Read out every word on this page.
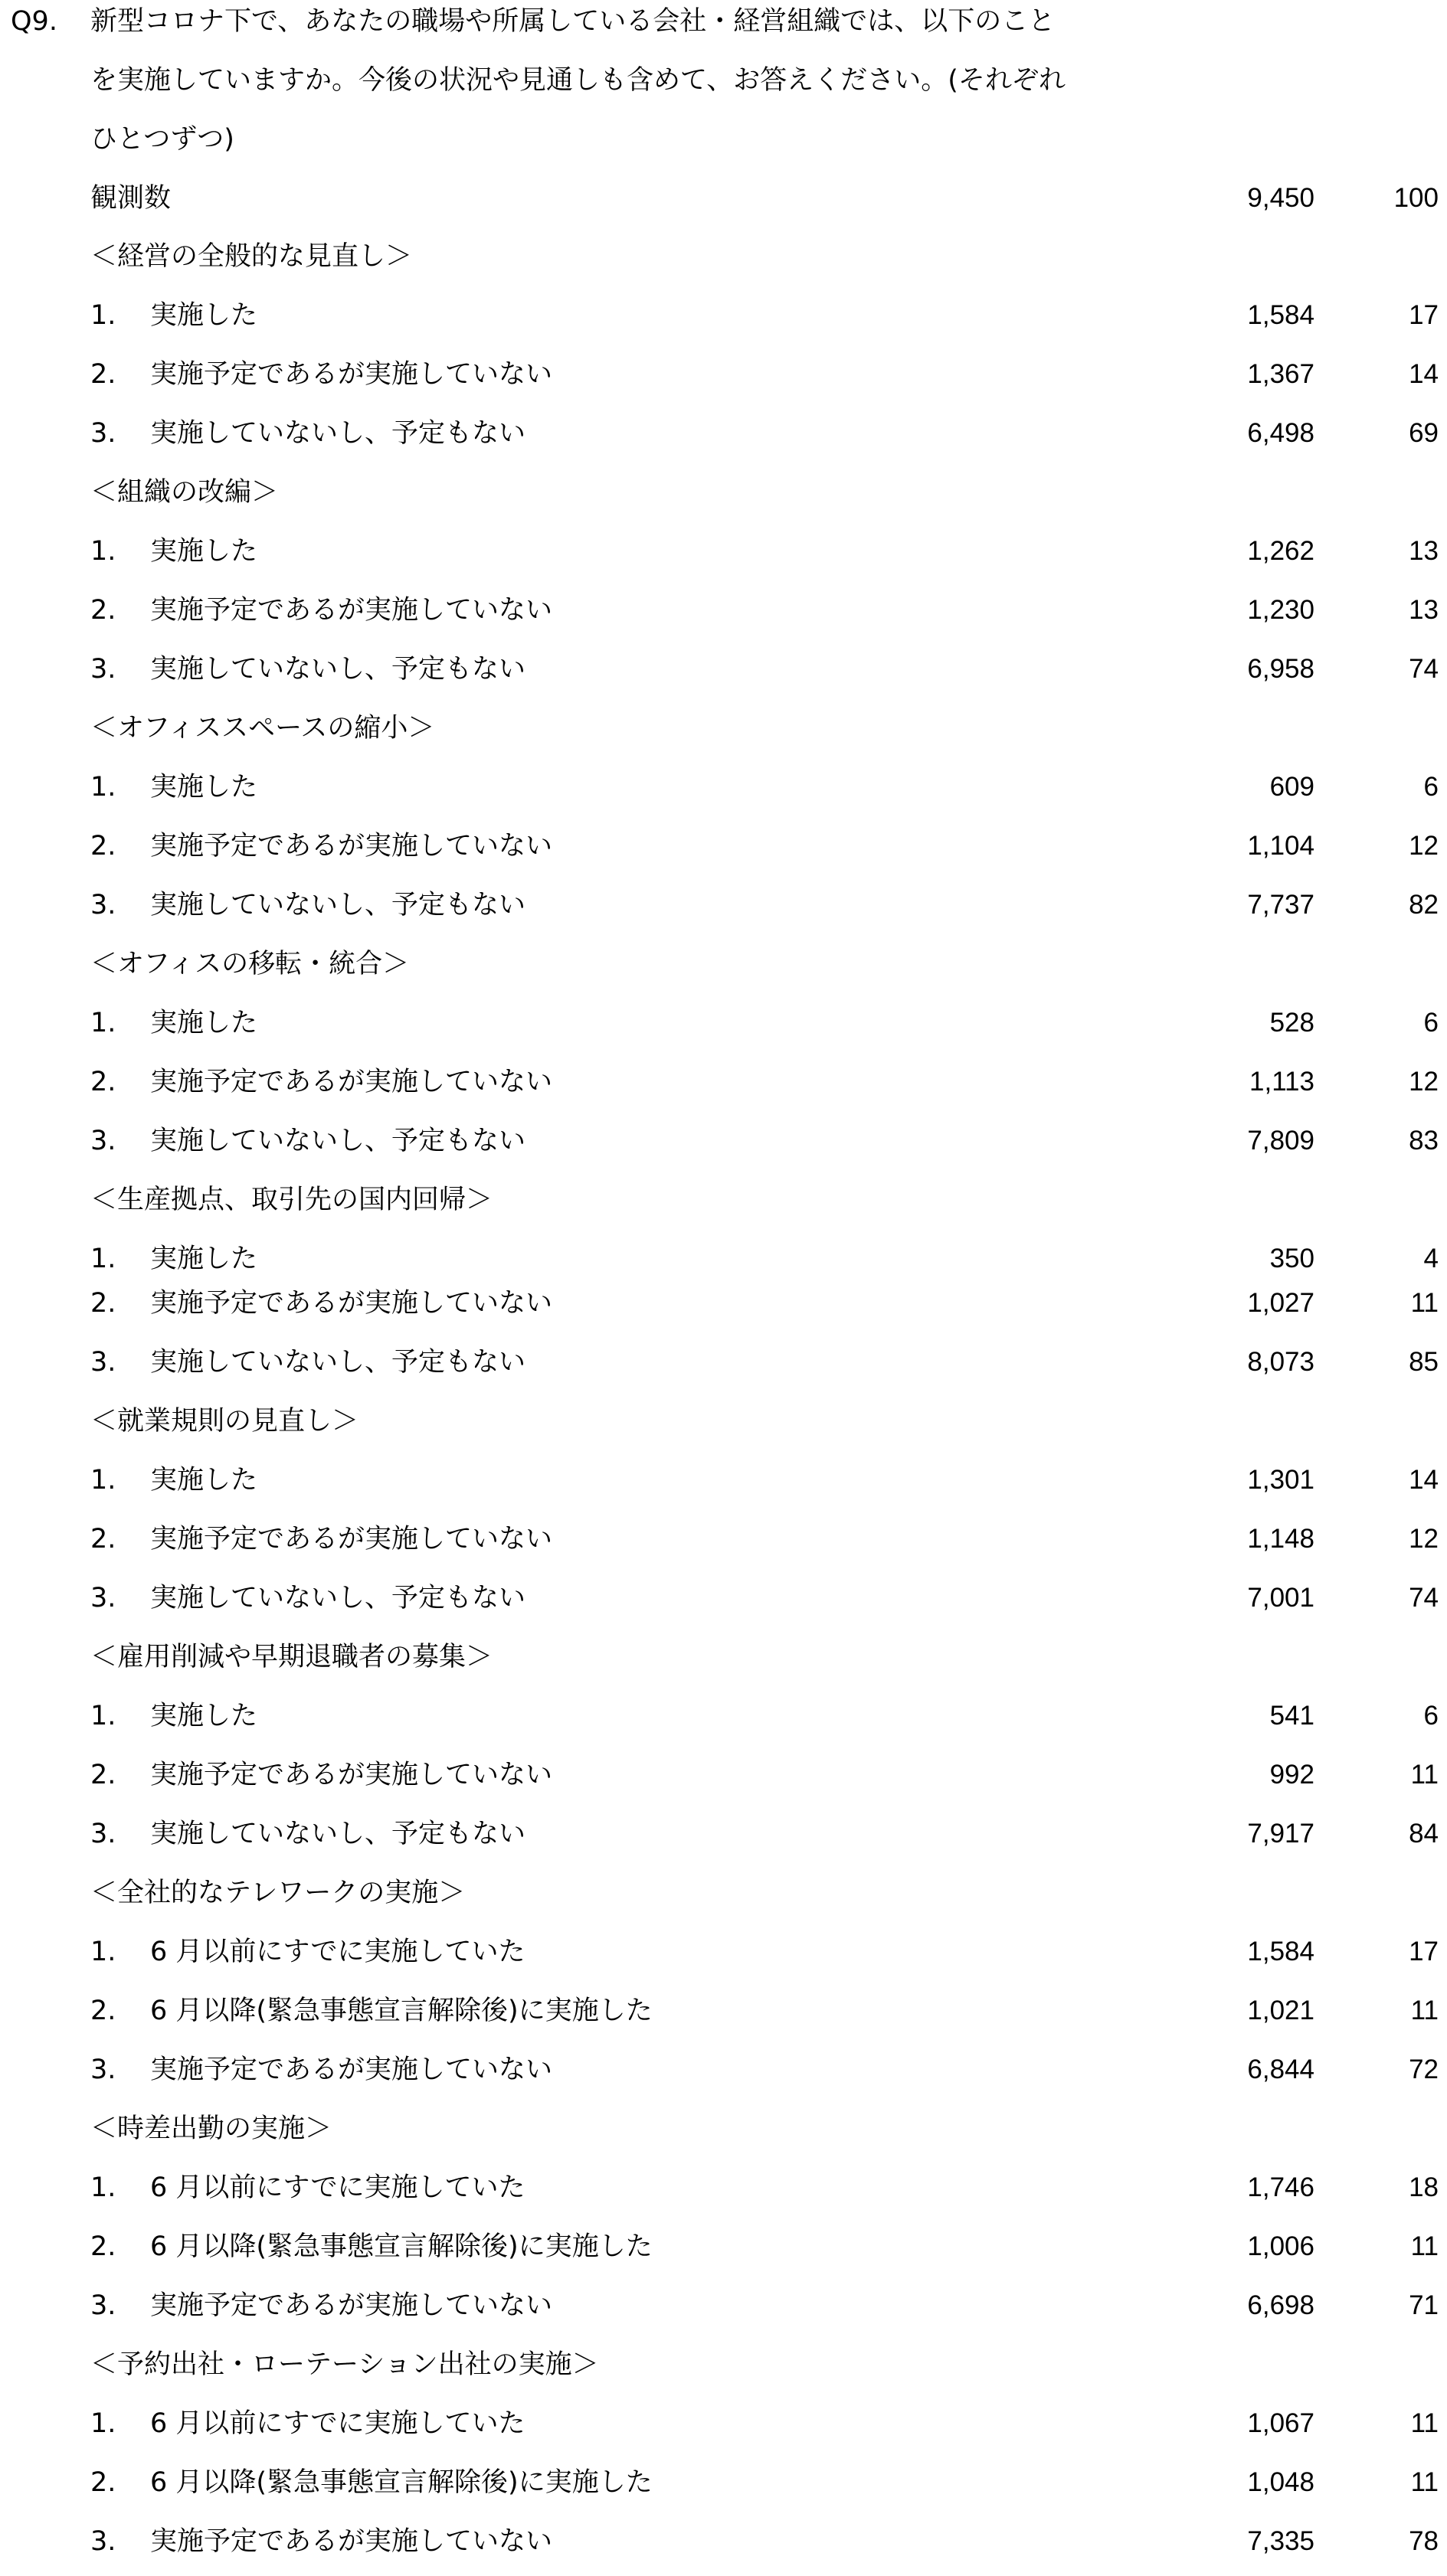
Q9. 新型コロナ下で、あなたの職場や所属している会社・経営組織では、以下のこと
を実施していますか。今後の状況や見通しも含めて、お答えください。(それぞれ
ひとつずつ)
観測数	9,450	100
＜経営の全般的な見直し＞
1.	実施した	1,584	17
2.	実施予定であるが実施していない	1,367	14
3.	実施していないし、予定もない	6,498	69
＜組織の改編＞
1.	実施した	1,262	13
2.	実施予定であるが実施していない	1,230	13
3.	実施していないし、予定もない	6,958	74
＜オフィススペースの縮小＞
1.	実施した	609	6
2.	実施予定であるが実施していない	1,104	12
3.	実施していないし、予定もない	7,737	82
＜オフィスの移転・統合＞
1.	実施した	528	6
2.	実施予定であるが実施していない	1,113	12
3.	実施していないし、予定もない	7,809	83
＜生産拠点、取引先の国内回帰＞
1.	実施した	350	4
2.	実施予定であるが実施していない	1,027	11
3.	実施していないし、予定もない	8,073	85
＜就業規則の見直し＞
1.	実施した	1,301	14
2.	実施予定であるが実施していない	1,148	12
3.	実施していないし、予定もない	7,001	74
＜雇用削減や早期退職者の募集＞
1.	実施した	541	6
2.	実施予定であるが実施していない	992	11
3.	実施していないし、予定もない	7,917	84
＜全社的なテレワークの実施＞
1.	6 月以前にすでに実施していた	1,584	17
2.	6 月以降(緊急事態宣言解除後)に実施した	1,021	11
3.	実施予定であるが実施していない	6,844	72
＜時差出勤の実施＞
1.	6 月以前にすでに実施していた	1,746	18
2.	6 月以降(緊急事態宣言解除後)に実施した	1,006	11
3.	実施予定であるが実施していない	6,698	71
＜予約出社・ローテーション出社の実施＞
1.	6 月以前にすでに実施していた	1,067	11
2.	6 月以降(緊急事態宣言解除後)に実施した	1,048	11
3.	実施予定であるが実施していない	7,335	78
